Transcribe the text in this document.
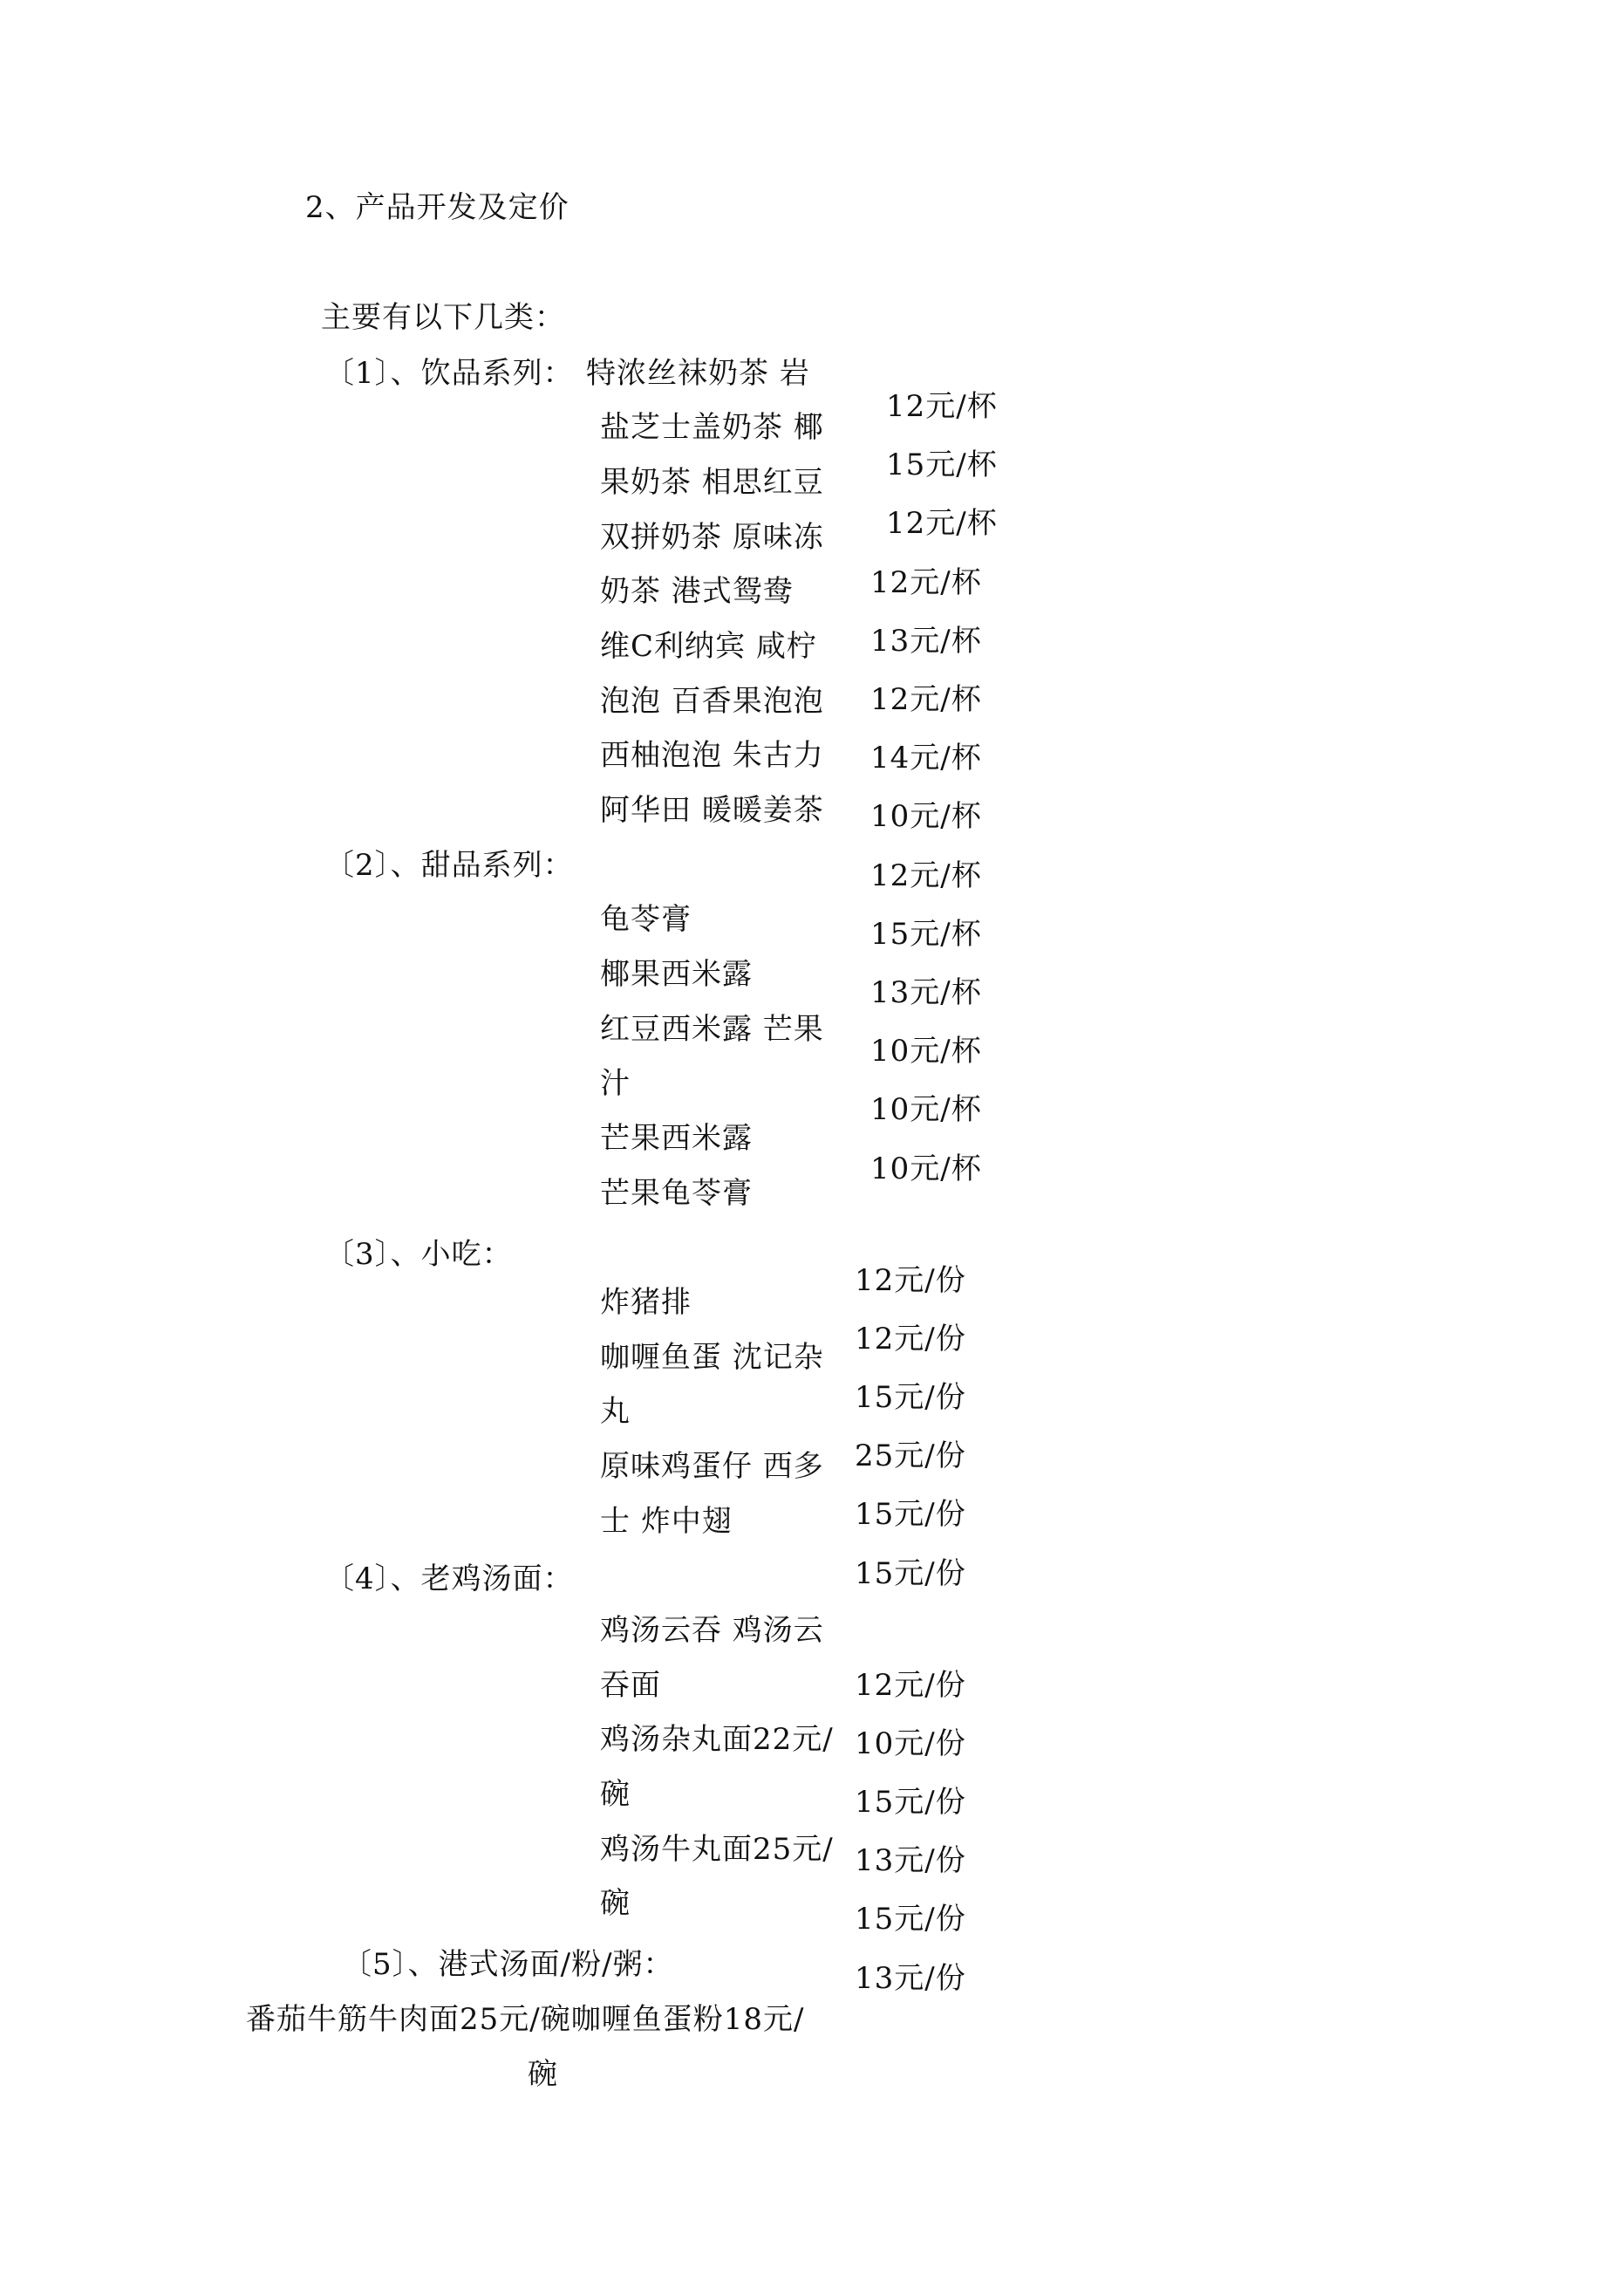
2、产品开发及定价
主要有以下几类：
〔1〕、饮品系列：
〔2〕、甜品系列：
〔3〕、小吃：
〔4〕、老鸡汤面：
〔5〕、港式汤面/粉/粥：
特浓丝袜奶茶 岩
盐芝士盖奶茶 椰
果奶茶 相思红豆
双拼奶茶 原味冻
奶茶 港式鸳鸯
维C利纳宾 咸柠
泡泡 百香果泡泡
西柚泡泡 朱古力
阿华田 暖暖姜茶
龟苓膏
椰果西米露
红豆西米露 芒果
汁
芒果西米露
芒果龟苓膏
炸猪排
咖喱鱼蛋 沈记杂
丸
原味鸡蛋仔 西多
士 炸中翅
鸡汤云吞 鸡汤云
吞面
鸡汤杂丸面22元/
碗
鸡汤牛丸面25元/
碗
番茄牛筋牛肉面25元/碗咖喱鱼蛋粉18元/
碗
12元/杯
15元/杯
12元/杯
12元/杯
13元/杯
12元/杯
14元/杯
10元/杯
12元/杯
15元/杯
13元/杯
10元/杯
10元/杯
10元/杯
12元/份
12元/份
15元/份
25元/份
15元/份
15元/份
12元/份
10元/份
15元/份
13元/份
15元/份
13元/份
